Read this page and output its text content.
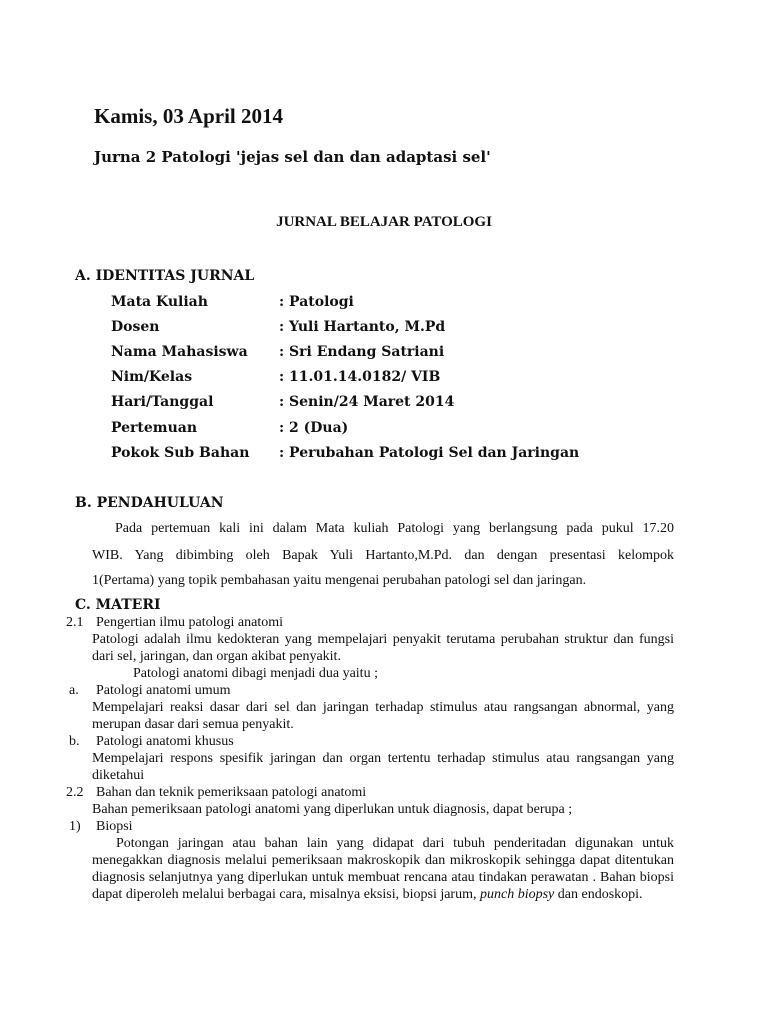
Kamis, 03 April 2014
Jurna 2 Patologi 'jejas sel dan dan adaptasi sel'
JURNAL BELAJAR PATOLOGI
A. IDENTITAS JURNAL
Mata Kuliah	: Patologi
Dosen	: Yuli Hartanto, M.Pd
Nama Mahasiswa : Sri Endang Satriani
Nim/Kelas	: 11.01.14.0182/ VIB
Hari/Tanggal	: Senin/24 Maret 2014
Pertemuan	: 2 (Dua)
Pokok Sub Bahan : Perubahan Patologi Sel dan Jaringan
B. PENDAHULUAN
Pada pertemuan kali ini dalam Mata kuliah Patologi yang berlangsung pada pukul 17.20
WIB. Yang dibimbing oleh Bapak Yuli Hartanto,M.Pd. dan dengan presentasi kelompok
1(Pertama) yang topik pembahasan yaitu mengenai perubahan patologi sel dan jaringan.
C. MATERI
2.1 Pengertian ilmu patologi anatomi
Patologi adalah ilmu kedokteran yang mempelajari penyakit terutama perubahan struktur dan fungsi dari sel, jaringan, dan organ akibat penyakit.
Patologi anatomi dibagi menjadi dua yaitu ;
a. Patologi anatomi umum
Mempelajari reaksi dasar dari sel dan jaringan terhadap stimulus atau rangsangan abnormal, yang merupan dasar dari semua penyakit.
b. Patologi anatomi khusus
Mempelajari respons spesifik jaringan dan organ tertentu terhadap stimulus atau rangsangan yang diketahui
2.2 Bahan dan teknik pemeriksaan patologi anatomi
Bahan pemeriksaan patologi anatomi yang diperlukan untuk diagnosis, dapat berupa ;
1) Biopsi
Potongan jaringan atau bahan lain yang didapat dari tubuh penderitadan digunakan untuk menegakkan diagnosis melalui pemeriksaan makroskopik dan mikroskopik sehingga dapat ditentukan diagnosis selanjutnya yang diperlukan untuk membuat rencana atau tindakan perawatan . Bahan biopsi dapat diperoleh melalui berbagai cara, misalnya eksisi, biopsi jarum, punch biopsy dan endoskopi.
